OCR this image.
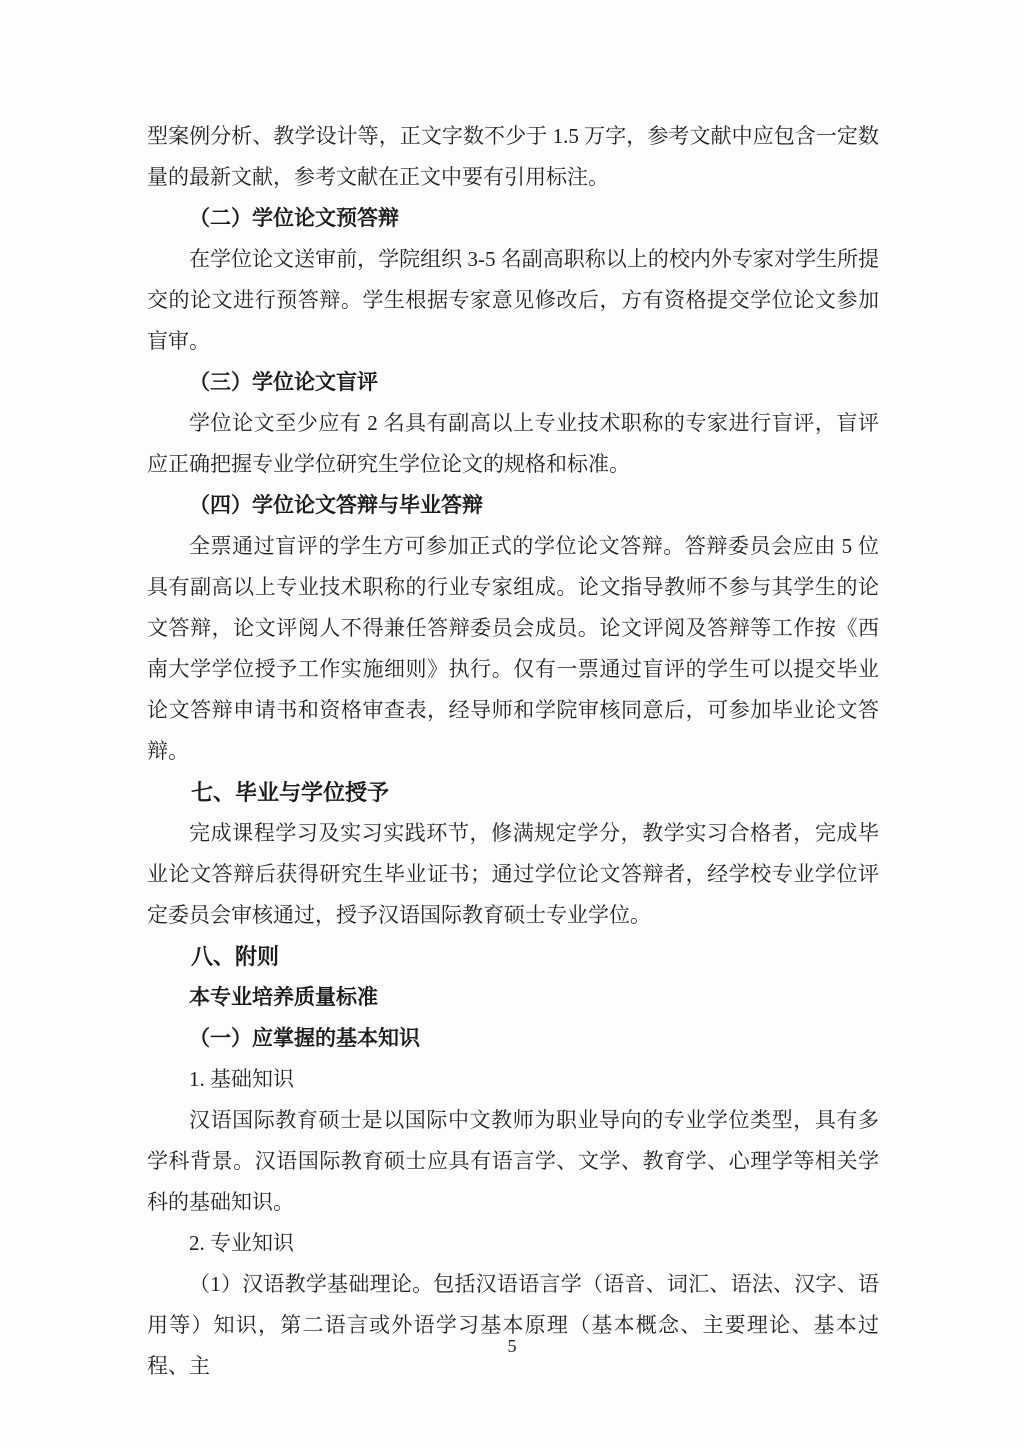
型案例分析、教学设计等，正文字数不少于 1.5 万字，参考文献中应包含一定数量的最新文献，参考文献在正文中要有引用标注。

（二）学位论文预答辩

在学位论文送审前，学院组织 3-5 名副高职称以上的校内外专家对学生所提交的论文进行预答辩。学生根据专家意见修改后，方有资格提交学位论文参加盲审。

（三）学位论文盲评

学位论文至少应有 2 名具有副高以上专业技术职称的专家进行盲评，盲评应正确把握专业学位研究生学位论文的规格和标准。

（四）学位论文答辩与毕业答辩

全票通过盲评的学生方可参加正式的学位论文答辩。答辩委员会应由 5 位具有副高以上专业技术职称的行业专家组成。论文指导教师不参与其学生的论文答辩，论文评阅人不得兼任答辩委员会成员。论文评阅及答辩等工作按《西南大学学位授予工作实施细则》执行。仅有一票通过盲评的学生可以提交毕业论文答辩申请书和资格审查表，经导师和学院审核同意后，可参加毕业论文答辩。

七、毕业与学位授予

完成课程学习及实习实践环节，修满规定学分，教学实习合格者，完成毕业论文答辩后获得研究生毕业证书；通过学位论文答辩者，经学校专业学位评定委员会审核通过，授予汉语国际教育硕士专业学位。

八、附则

本专业培养质量标准

（一）应掌握的基本知识

1. 基础知识

汉语国际教育硕士是以国际中文教师为职业导向的专业学位类型，具有多学科背景。汉语国际教育硕士应具有语言学、文学、教育学、心理学等相关学科的基础知识。

2. 专业知识

（1）汉语教学基础理论。包括汉语语言学（语音、词汇、语法、汉字、语用等）知识，第二语言或外语学习基本原理（基本概念、主要理论、基本过程、主

5
